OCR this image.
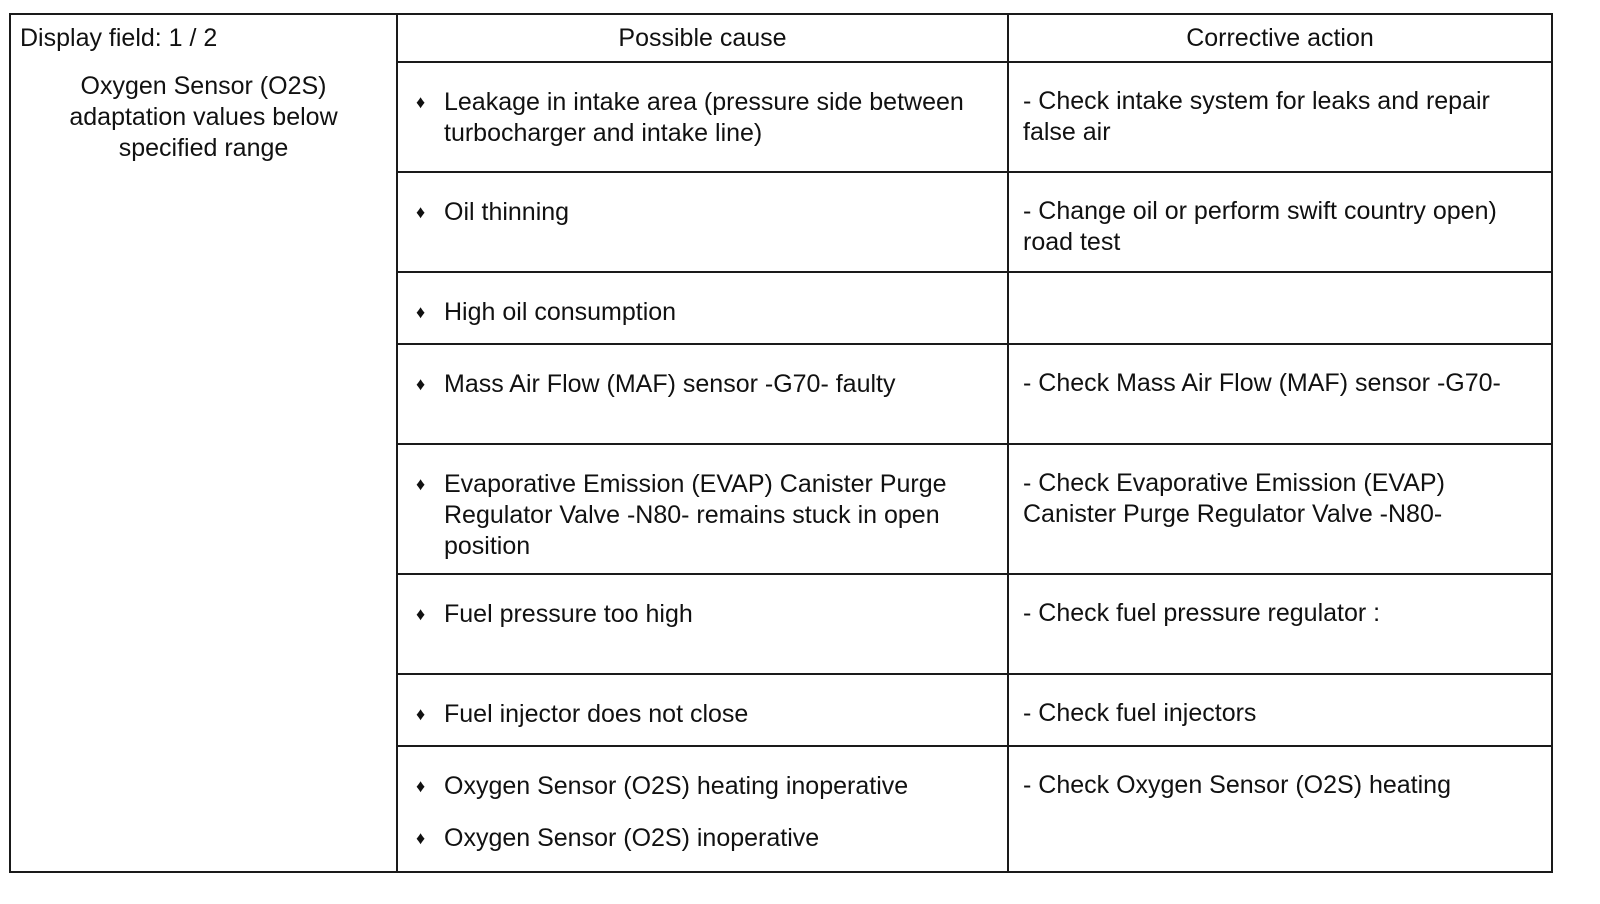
Display field: 1 / 2	Possible cause	Corrective action

Oxygen Sensor (O2S) adaptation values below specified range	♦ Leakage in intake area (pressure side between turbocharger and intake line)	- Check intake system for leaks and repair false air

	♦ Oil thinning	- Change oil or perform swift country open) road test

	♦ High oil consumption	

	♦ Mass Air Flow (MAF) sensor -G70- faulty	- Check Mass Air Flow (MAF) sensor -G70-

	♦ Evaporative Emission (EVAP) Canister Purge Regulator Valve -N80- remains stuck in open position	- Check Evaporative Emission (EVAP) Canister Purge Regulator Valve -N80-

	♦ Fuel pressure too high	- Check fuel pressure regulator :

	♦ Fuel injector does not close	- Check fuel injectors

	♦ Oxygen Sensor (O2S) heating inoperative
♦ Oxygen Sensor (O2S) inoperative	- Check Oxygen Sensor (O2S) heating
